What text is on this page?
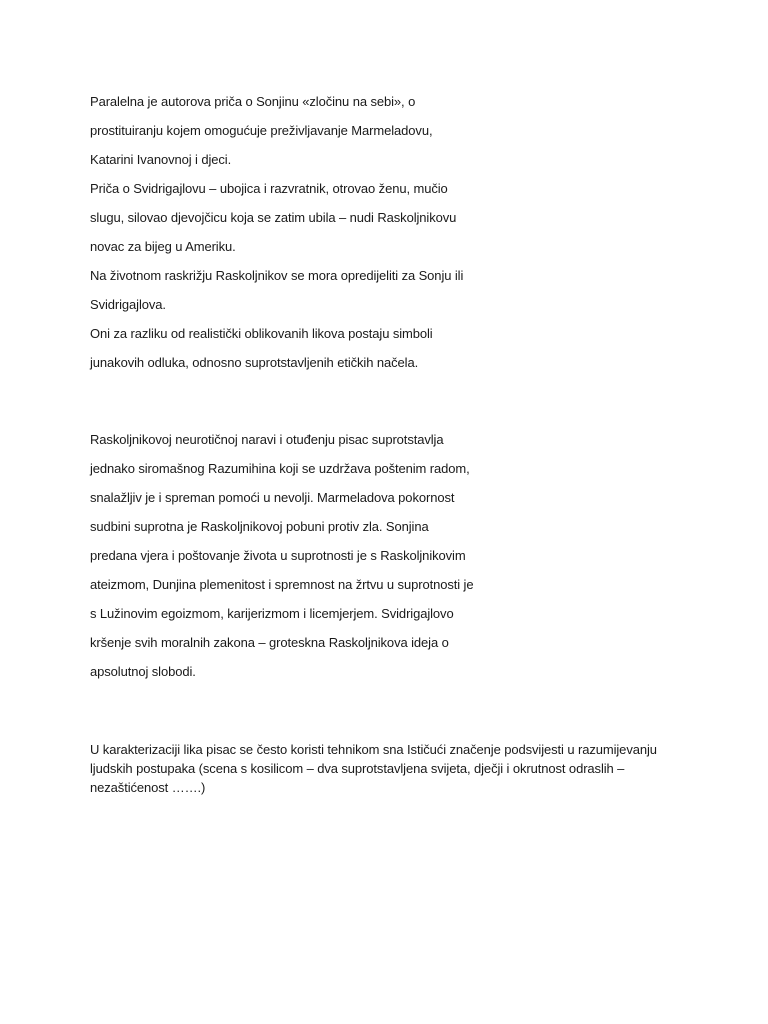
Paralelna je autorova priča o Sonjinu «zločinu na sebi», o
prostituiranju kojem omogućuje preživljavanje Marmeladovu,
Katarini Ivanovnoj i djeci.
Priča o Svidrigajlovu – ubojica i razvratnik, otrovao ženu, mučio
slugu, silovao djevojčicu koja se zatim ubila – nudi Raskoljnikovu
novac za bijeg u Ameriku.
Na životnom raskrižju Raskoljnikov se mora opredijeliti za Sonju ili
Svidrigajlova.
Oni za razliku od realistički oblikovanih likova postaju simboli
junakovih odluka, odnosno suprotstavljenih etičkih načela.
Raskoljnikovoj neurotičnoj naravi i otuđenju pisac suprotstavlja
jednako siromašnog Razumihina koji se uzdržava poštenim radom,
snalažljiv je i spreman pomoći u nevolji. Marmeladova pokornost
sudbini suprotna je Raskoljnikovoj pobuni protiv zla. Sonjina
predana vjera i poštovanje života u suprotnosti je s Raskoljnikovim
ateizmom, Dunjina plemenitost i spremnost na žrtvu u suprotnosti je
s Lužinovim egoizmom, karijerizmom i licemjerjem. Svidrigajlovo
kršenje svih moralnih zakona – groteskna Raskoljnikova ideja o
apsolutnoj slobodi.
U karakterizaciji lika pisac se često koristi tehnikom sna Ističući značenje podsvijesti u razumijevanju
ljudskih postupaka (scena s kosilicom – dva suprotstavljena svijeta, dječji i okrutnost odraslih –
nezaštićenost …….)
